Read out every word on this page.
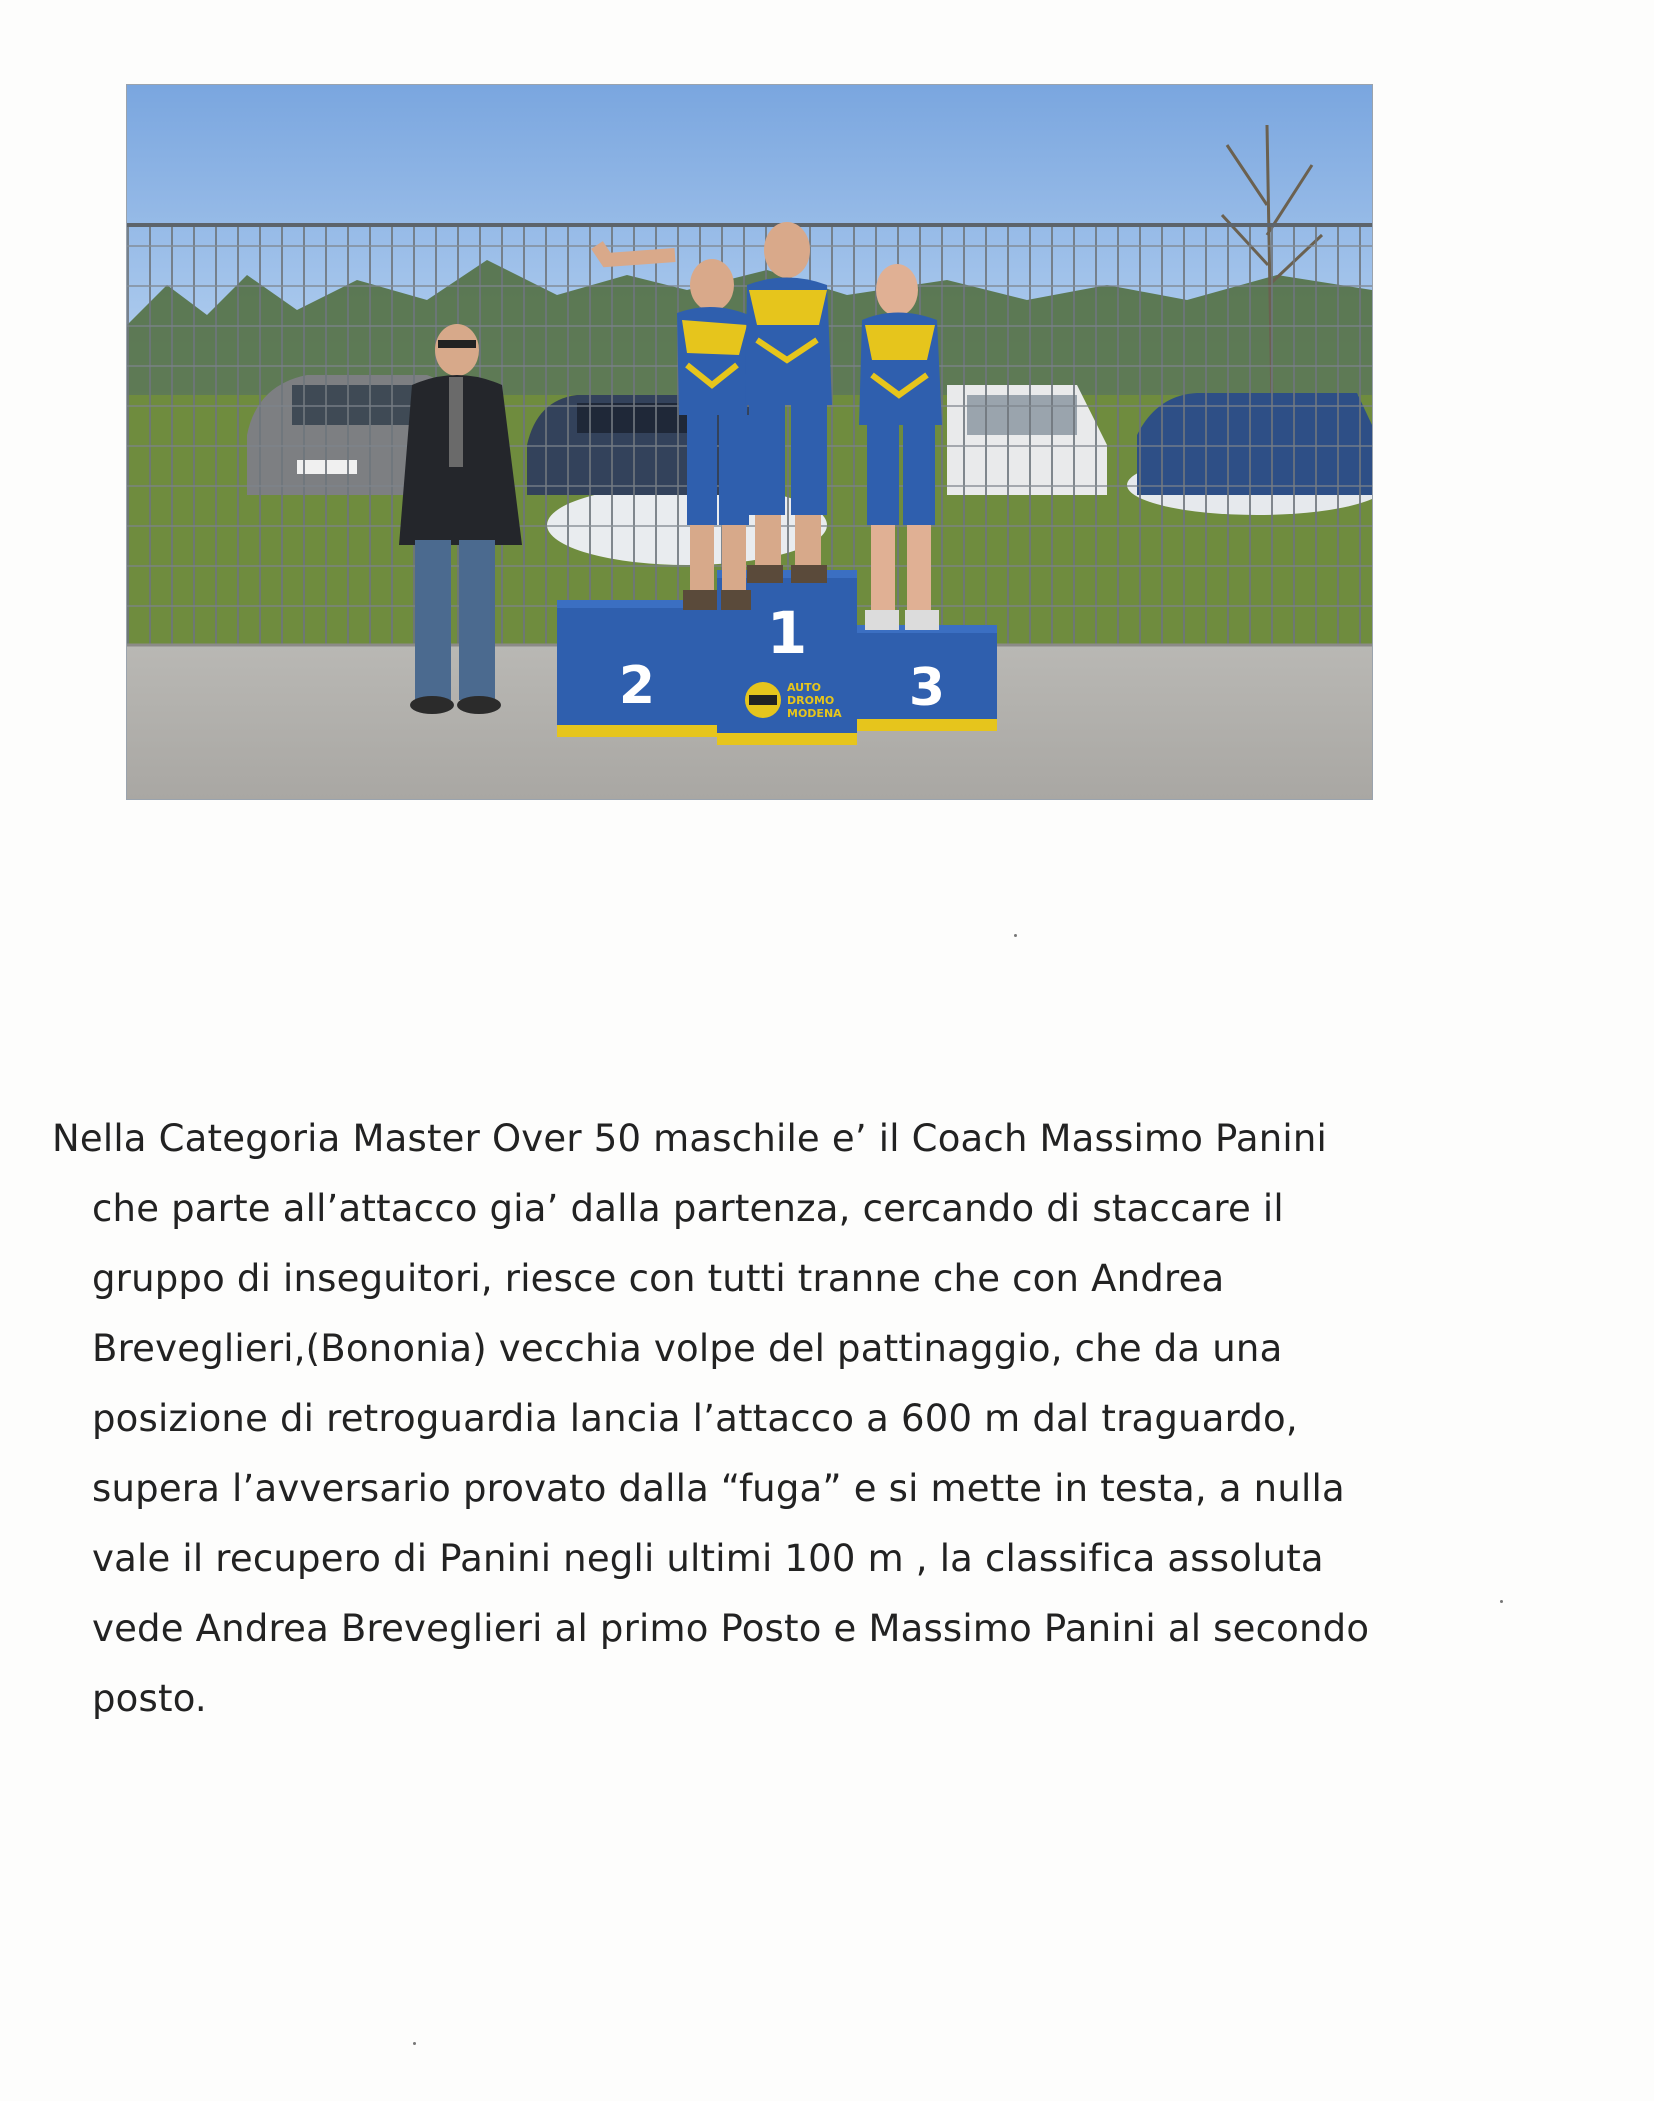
2
1
3
AUTO
DROMO
MODENA
Nella Categoria Master Over 50 maschile e’ il Coach Massimo Panini
che parte all’attacco gia’ dalla partenza, cercando di staccare il
gruppo di inseguitori, riesce con tutti tranne che con Andrea
Breveglieri,(Bononia) vecchia volpe del pattinaggio, che da una
posizione di retroguardia lancia l’attacco a 600 m dal traguardo,
supera l’avversario provato dalla “fuga” e si mette in testa, a nulla
vale il recupero di Panini negli ultimi 100 m , la classifica assoluta
vede Andrea Breveglieri al primo Posto e Massimo Panini al secondo
posto.
